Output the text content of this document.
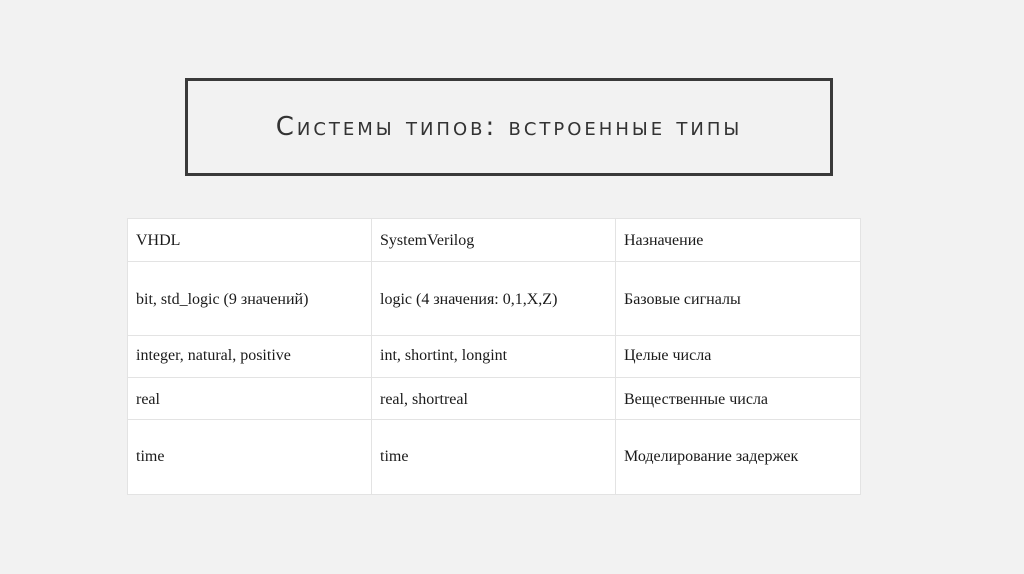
Системы типов: встроенные типы
VHDL	SystemVerilog	Назначение
bit, std_logic (9 значений)	logic (4 значения: 0,1,X,Z)	Базовые сигналы
integer, natural, positive	int, shortint, longint	Целые числа
real	real, shortreal	Вещественные числа
time	time	Моделирование задержек
